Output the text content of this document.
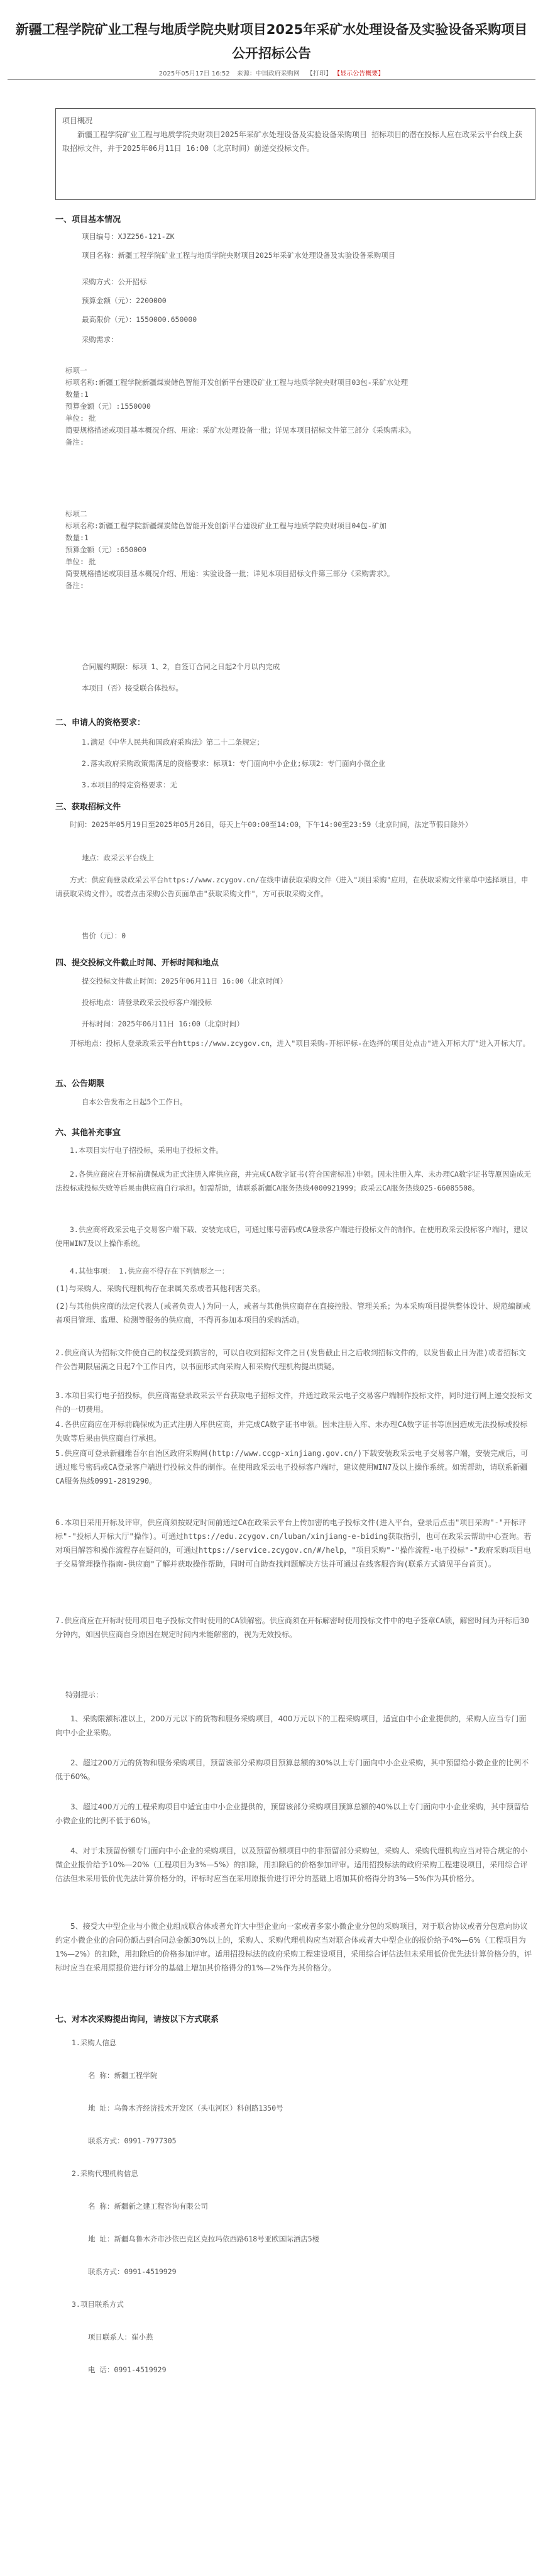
新疆工程学院矿业工程与地质学院央财项目2025年采矿水处理设备及实验设备采购项目公开招标公告
2025年05月17日 16:52 来源：中国政府采购网 【打印】 【显示公告概要】
项目概况
新疆工程学院矿业工程与地质学院央财项目2025年采矿水处理设备及实验设备采购项目 招标项目的潜在投标人应在政采云平台线上获取招标文件，并于2025年06月11日 16:00（北京时间）前递交投标文件。
一、项目基本情况
项目编号：XJZ256-121-ZK
项目名称：新疆工程学院矿业工程与地质学院央财项目2025年采矿水处理设备及实验设备采购项目
采购方式：公开招标
预算金额（元）：2200000
最高限价（元）：1550000.650000
采购需求：
标项一
标项名称:新疆工程学院新疆煤炭储色智能开发创新平台建设矿业工程与地质学院央财项目03包-采矿水处理
数量:1
预算金额（元）:1550000
单位: 批
简要规格描述或项目基本概况介绍、用途：采矿水处理设备一批；详见本项目招标文件第三部分《采购需求》。
备注:
标项二
标项名称:新疆工程学院新疆煤炭储色智能开发创新平台建设矿业工程与地质学院央财项目04包-矿加
数量:1
预算金额（元）:650000
单位: 批
简要规格描述或项目基本概况介绍、用途：实验设备一批；详见本项目招标文件第三部分《采购需求》。
备注:
合同履约期限：标项 1、2，自签订合同之日起2个月以内完成
本项目（否）接受联合体投标。
二、申请人的资格要求：
1.满足《中华人民共和国政府采购法》第二十二条规定；
2.落实政府采购政策需满足的资格要求：标项1：专门面向中小企业;标项2：专门面向小微企业
3.本项目的特定资格要求：无
三、获取招标文件
时间：2025年05月19日至2025年05月26日，每天上午00:00至14:00，下午14:00至23:59（北京时间，法定节假日除外）
地点：政采云平台线上
方式：供应商登录政采云平台https://www.zcygov.cn/在线申请获取采购文件（进入"项目采购"应用，在获取采购文件菜单中选择项目，申请获取采购文件）。或者点击采购公告页面单击"获取采购文件"，方可获取采购文件。
售价（元）：0
四、提交投标文件截止时间、开标时间和地点
提交投标文件截止时间：2025年06月11日 16:00（北京时间）
投标地点：请登录政采云投标客户端投标
开标时间：2025年06月11日 16:00（北京时间）
开标地点：投标人登录政采云平台https://www.zcygov.cn，进入"项目采购-开标评标-在选择的项目处点击"进入开标大厅"进入开标大厅。
五、公告期限
自本公告发布之日起5个工作日。
六、其他补充事宜
1.本项目实行电子招投标，采用电子投标文件。
2.各供应商应在开标前确保成为正式注册入库供应商，并完成CA数字证书(符合国密标准)申领。因未注册入库、未办理CA数字证书等原因造成无法投标或投标失败等后果由供应商自行承担。如需帮助，请联系新疆CA服务热线4000921999；政采云CA服务热线025-66085508。
3.供应商将政采云电子交易客户端下载、安装完成后，可通过账号密码或CA登录客户端进行投标文件的制作。在使用政采云投标客户端时，建议使用WIN7及以上操作系统。
4.其他事项： 1.供应商不得存在下列情形之一：
(1)与采购人、采购代理机构存在隶属关系或者其他利害关系。
(2)与其他供应商的法定代表人(或者负责人)为同一人，或者与其他供应商存在直接控股、管理关系；为本采购项目提供整体设计、规范编制或者项目管理、监理、检测等服务的供应商，不得再参加本项目的采购活动。
2.供应商认为招标文件使自己的权益受到损害的，可以自收到招标文件之日(发售截止日之后收到招标文件的，以发售截止日为准)或者招标文件公告期限届满之日起7个工作日内，以书面形式向采购人和采购代理机构提出质疑。
3.本项目实行电子招投标，供应商需登录政采云平台获取电子招标文件，并通过政采云电子交易客户端制作投标文件，同时进行网上递交投标文件的一切费用。
4.各供应商应在开标前确保成为正式注册入库供应商，并完成CA数字证书申领。因未注册入库、未办理CA数字证书等原因造成无法投标或投标失败等后果由供应商自行承担。
5.供应商可登录新疆维吾尔自治区政府采购网(http://www.ccgp-xinjiang.gov.cn/)下载安装政采云电子交易客户端，安装完成后，可通过账号密码或CA登录客户端进行投标文件的制作。在使用政采云电子投标客户端时，建议使用WIN7及以上操作系统。如需帮助，请联系新疆CA服务热线0991-2819290。
6.本项目采用开标及评审，供应商须按规定时间前通过CA在政采云平台上传加密的电子投标文件(进入平台，登录后点击"项目采购"-"开标评标"-"投标人开标大厅"操作)。可通过https://edu.zcygov.cn/luban/xinjiang-e-biding获取指引，也可在政采云帮助中心查询。若对项目解答和操作流程存在疑问的，可通过https://service.zcygov.cn/#/help，"项目采购"-"操作流程-电子投标"-"政府采购项目电子交易管理操作指南-供应商"了解并获取操作帮助，同时可自助查找问题解决方法并可通过在线客服咨询(联系方式请见平台首页)。
7.供应商应在开标时使用项目电子投标文件时使用的CA锁解密。供应商须在开标解密时使用投标文件中的电子签章CA锁，解密时间为开标后30分钟内，如因供应商自身原因在规定时间内未能解密的，视为无效投标。
特别提示：
1、采购限额标准以上，200万元以下的货物和服务采购项目，400万元以下的工程采购项目，适宜由中小企业提供的，采购人应当专门面向中小企业采购。
2、超过200万元的货物和服务采购项目，预留该部分采购项目预算总额的30%以上专门面向中小企业采购，其中预留给小微企业的比例不低于60%。
3、超过400万元的工程采购项目中适宜由中小企业提供的，预留该部分采购项目预算总额的40%以上专门面向中小企业采购，其中预留给小微企业的比例不低于60%。
4、对于未预留份额专门面向中小企业的采购项目，以及预留份额项目中的非预留部分采购包，采购人、采购代理机构应当对符合规定的小微企业报价给予10%—20%（工程项目为3%—5%）的扣除，用扣除后的价格参加评审。适用招投标法的政府采购工程建设项目，采用综合评估法但未采用低价优先法计算价格分的，评标时应当在采用原报价进行评分的基础上增加其价格得分的3%—5%作为其价格分。
5、接受大中型企业与小微企业组成联合体或者允许大中型企业向一家或者多家小微企业分包的采购项目，对于联合协议或者分包意向协议约定小微企业的合同份额占到合同总金额30%以上的，采购人、采购代理机构应当对联合体或者大中型企业的报价给予4%—6%（工程项目为1%—2%）的扣除，用扣除后的价格参加评审。适用招投标法的政府采购工程建设项目，采用综合评估法但未采用低价优先法计算价格分的，评标时应当在采用原报价进行评分的基础上增加其价格得分的1%—2%作为其价格分。
七、对本次采购提出询问，请按以下方式联系
1.采购人信息
名 称：新疆工程学院
地 址：乌鲁木齐经济技术开发区（头屯河区）科创路1350号
联系方式：0991-7977305
2.采购代理机构信息
名 称：新疆新之建工程咨询有限公司
地 址：新疆乌鲁木齐市沙依巴克区克拉玛依西路618号亚欧国际酒店5楼
联系方式：0991-4519929
3.项目联系方式
项目联系人：崔小燕
电 话：0991-4519929
